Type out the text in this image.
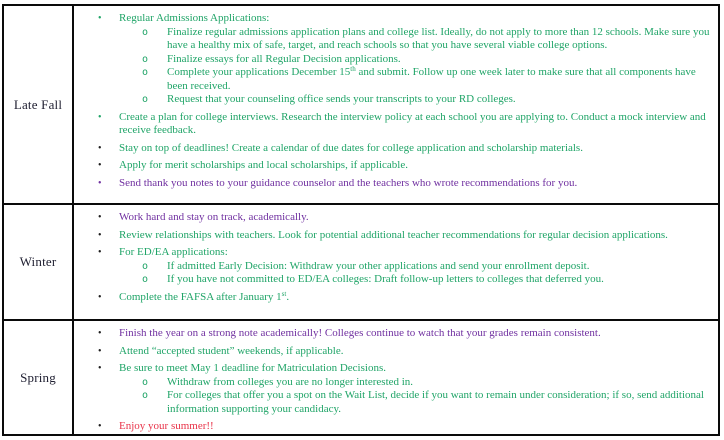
Late Fall
•	Regular Admissions Applications:
o	Finalize regular admissions application plans and college list. Ideally, do not apply to more than 12 schools. Make sure you have a healthy mix of safe, target, and reach schools so that you have several viable college options.
o	Finalize essays for all Regular Decision applications.
o	Complete your applications December 15th and submit. Follow up one week later to make sure that all components have been received.
o	Request that your counseling office sends your transcripts to your RD colleges.
•	Create a plan for college interviews. Research the interview policy at each school you are applying to. Conduct a mock interview and receive feedback.
•	Stay on top of deadlines! Create a calendar of due dates for college application and scholarship materials.
•	Apply for merit scholarships and local scholarships, if applicable.
•	Send thank you notes to your guidance counselor and the teachers who wrote recommendations for you.
Winter
•	Work hard and stay on track, academically.
•	Review relationships with teachers. Look for potential additional teacher recommendations for regular decision applications.
•	For ED/EA applications:
o	If admitted Early Decision: Withdraw your other applications and send your enrollment deposit.
o	If you have not committed to ED/EA colleges: Draft follow-up letters to colleges that deferred you.
•	Complete the FAFSA after January 1st.
Spring
•	Finish the year on a strong note academically! Colleges continue to watch that your grades remain consistent.
•	Attend “accepted student” weekends, if applicable.
•	Be sure to meet May 1 deadline for Matriculation Decisions.
o	Withdraw from colleges you are no longer interested in.
o	For colleges that offer you a spot on the Wait List, decide if you want to remain under consideration; if so, send additional information supporting your candidacy.
•	Enjoy your summer!!
